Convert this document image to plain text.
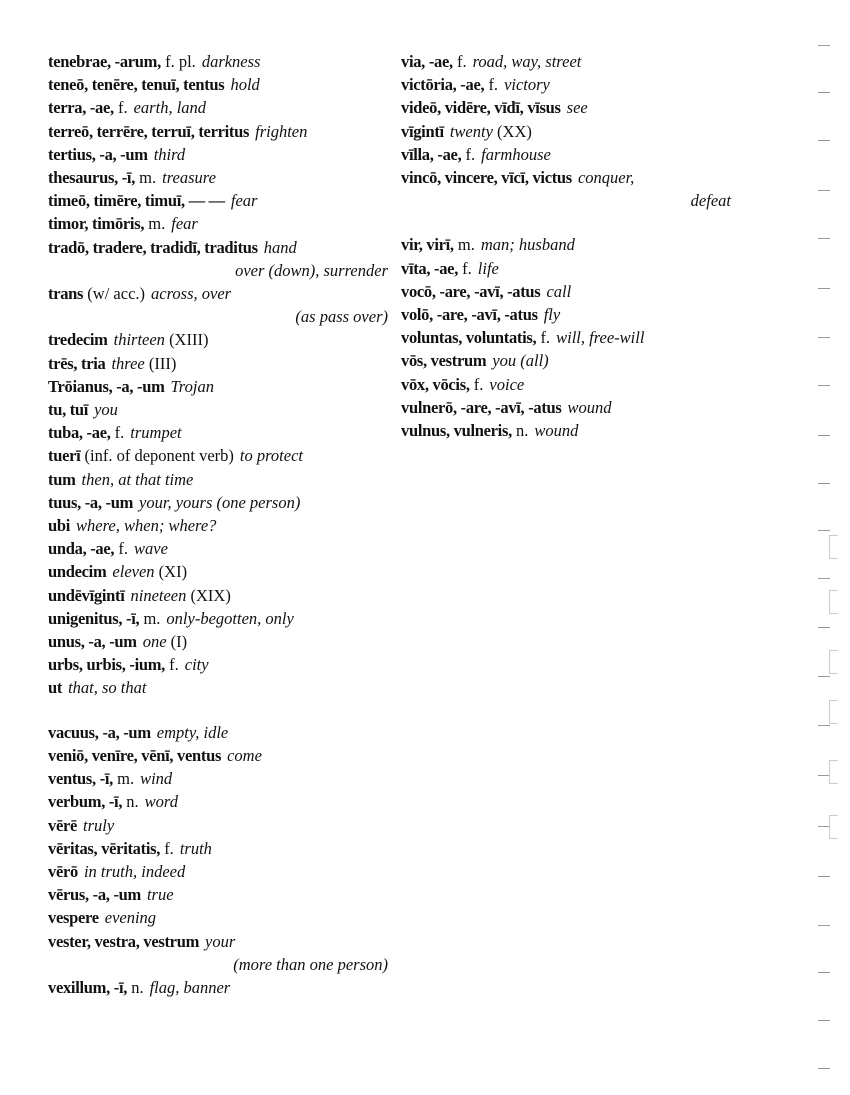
tenebrae, -arum, f. pl. darkness
teneō, tenēre, tenuī, tentus hold
terra, -ae, f. earth, land
terreō, terrēre, terruī, territus frighten
tertius, -a, -um third
thesaurus, -ī, m. treasure
timeō, timēre, timuī, — — fear
timor, timōris, m. fear
tradō, tradere, tradidī, traditus hand
over (down), surrender
trans (w/ acc.) across, over
(as pass over)
tredecim thirteen (XIII)
trēs, tria three (III)
Trōianus, -a, -um Trojan
tu, tuī you
tuba, -ae, f. trumpet
tuerī (inf. of deponent verb) to protect
tum then, at that time
tuus, -a, -um your, yours (one person)
ubi where, when; where?
unda, -ae, f. wave
undecim eleven (XI)
undēvīgintī nineteen (XIX)
unigenitus, -ī, m. only-begotten, only
unus, -a, -um one (I)
urbs, urbis, -ium, f. city
ut that, so that
vacuus, -a, -um empty, idle
veniō, venīre, vēnī, ventus come
ventus, -ī, m. wind
verbum, -ī, n. word
vērē truly
vēritas, vēritatis, f. truth
vērō in truth, indeed
vērus, -a, -um true
vespere evening
vester, vestra, vestrum your
(more than one person)
vexillum, -ī, n. flag, banner
via, -ae, f. road, way, street
victōria, -ae, f. victory
videō, vidēre, vīdī, vīsus see
vīgintī twenty (XX)
vīlla, -ae, f. farmhouse
vincō, vincere, vīcī, victus conquer,
defeat
vir, virī, m. man; husband
vīta, -ae, f. life
vocō, -are, -avī, -atus call
volō, -are, -avī, -atus fly
voluntas, voluntatis, f. will, free-will
vōs, vestrum you (all)
vōx, vōcis, f. voice
vulnerō, -are, -avī, -atus wound
vulnus, vulneris, n. wound
